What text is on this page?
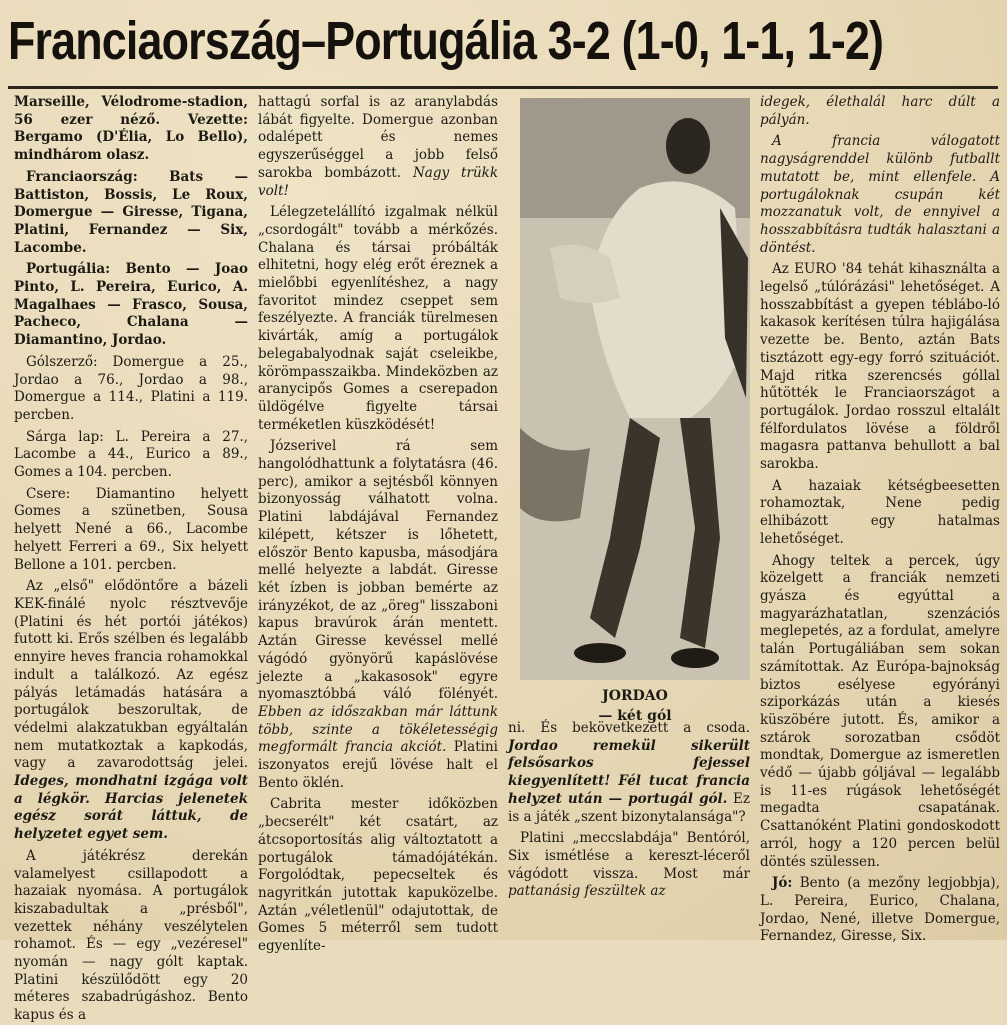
Franciaország–Portugália 3-2 (1-0, 1-1, 1-2)

Marseille, Vélodrome-stadion, 56 ezer néző. Vezette: Bergamo (D'Élia, Lo Bello), mindhárom olasz.

Franciaország: Bats — Battiston, Bossis, Le Roux, Domergue — Giresse, Tigana, Platini, Fernandez — Six, Lacombe.

Portugália: Bento — Joao Pinto, L. Pereira, Eurico, A. Magalhaes — Frasco, Sousa, Pacheco, Chalana — Diamantino, Jordao.

Gólszerző: Domergue a 25., Jordao a 76., Jordao a 98., Domergue a 114., Platini a 119. percben.

Sárga lap: L. Pereira a 27., Lacombe a 44., Eurico a 89., Gomes a 104. percben.

Csere: Diamantino helyett Gomes a szünetben, Sousa helyett Nené a 66., Lacombe helyett Ferreri a 69., Six helyett Bellone a 101. percben.

Az „első" elődöntőre a bázeli KEK-finálé nyolc résztvevője (Platini és hét portói játékos) futott ki. Erős szélben és legalább ennyire heves francia rohamokkal indult a találkozó. Az egész pályás letámadás hatására a portugálok beszorultak, de védelmi alakzatukban egyáltalán nem mutatkoztak a kapkodás, vagy a zavarodottság jelei. Ideges, mondhatni izgága volt a légkör. Harcias jelenetek egész sorát láttuk, de helyzetet egyet sem.

A játékrész derekán valamelyest csillapodott a hazaiak nyomása. A portugálok kiszabadultak a „présből", vezettek néhány veszélytelen rohamot. És — egy „vezéresel" nyomán — nagy gólt kaptak. Platini készülődött egy 20 méteres szabadrúgáshoz. Bento kapus és a

hattagú sorfal is az aranylabdás lábát figyelte. Domergue azonban odalépett és nemes egyszerűséggel a jobb felső sarokba bombázott. Nagy trükk volt!

Lélegzetelállító izgalmak nélkül „csordogált" tovább a mérkőzés. Chalana és társai próbálták elhitetni, hogy elég erőt éreznek a mielőbbi egyenlítéshez, a nagy favoritot mindez cseppet sem feszélyezte. A franciák türelmesen kivárták, amíg a portugálok belegabalyodnak saját cseleikbe, körömpasszaikba. Mindeközben az aranycipős Gomes a cserepadon üldögélve figyelte társai terméketlen küszködését!

Józserivel rá sem hangolódhattunk a folytatásra (46. perc), amikor a sejtésből könnyen bizonyosság válhatott volna. Platini labdájával Fernandez kilépett, kétszer is lőhetett, először Bento kapusba, másodjára mellé helyezte a labdát. Giresse két ízben is jobban bemérte az irányzékot, de az „öreg" lisszaboni kapus bravúrok árán mentett. Aztán Giresse kevéssel mellé vágódó gyönyörű kapáslövése jelezte a „kakasosok" egyre nyomasztóbbá váló fölényét. Ebben az időszakban már láttunk több, szinte a tökéletességig megformált francia akciót. Platini iszonyatos erejű lövése halt el Bento öklén.

Cabrita mester időközben „becserélt" két csatárt, az átcsoportosítás alig változtatott a portugálok támadójátékán. Forgolódtak, pepecseltek és nagyritkán jutottak kapuközelbe. Aztán „véletlenül" odajutottak, de Gomes 5 méterről sem tudott egyenlíte-

JORDAO
— két gól

ni. És bekövetkezett a csoda. Jordao remekül sikerült felsősarkos fejessel kiegyenlített! Fél tucat francia helyzet után — portugál gól. Ez is a játék „szent bizonytalansága"?

Platini „meccslabdája" Bentóról, Six ismétlése a kereszt-léceről vágódott vissza. Most már pattanásig feszültek az

idegek, élethalál harc dúlt a pályán.

A francia válogatott nagyságrenddel különb futballt mutatott be, mint ellenfele. A portugáloknak csupán két mozzanatuk volt, de ennyivel a hosszabbításra tudták halasztani a döntést.

Az EURO '84 tehát kihasználta a legelső „túlórázási" lehetőséget. A hosszabbítást a gyepen téblábo-ló kakasok kerítésen túlra hajigálása vezette be. Bento, aztán Bats tisztázott egy-egy forró szituációt. Majd ritka szerencsés góllal hűtötték le Franciaországot a portugálok. Jordao rosszul eltalált félfordulatos lövése a földről magasra pattanva behullott a bal sarokba.

A hazaiak kétségbeesetten rohamoztak, Nene pedig elhibázott egy hatalmas lehetőséget.

Ahogy teltek a percek, úgy közelgett a franciák nemzeti gyásza és egyúttal a magyarázhatatlan, szenzációs meglepetés, az a fordulat, amelyre talán Portugáliában sem sokan számítottak. Az Európa-bajnokság biztos esélyese egyórányi sziporkázás után a kiesés küszöbére jutott. És, amikor a sztárok sorozatban csődöt mondtak, Domergue az ismeretlen védő — újabb góljával — legalább is 11-es rúgások lehetőségét megadta csapatának. Csattanóként Platini gondoskodott arról, hogy a 120 percen belül döntés szülessen.

Jó: Bento (a mezőny legjobbja), L. Pereira, Eurico, Chalana, Jordao, Nené, illetve Domergue, Fernandez, Giresse, Six.
